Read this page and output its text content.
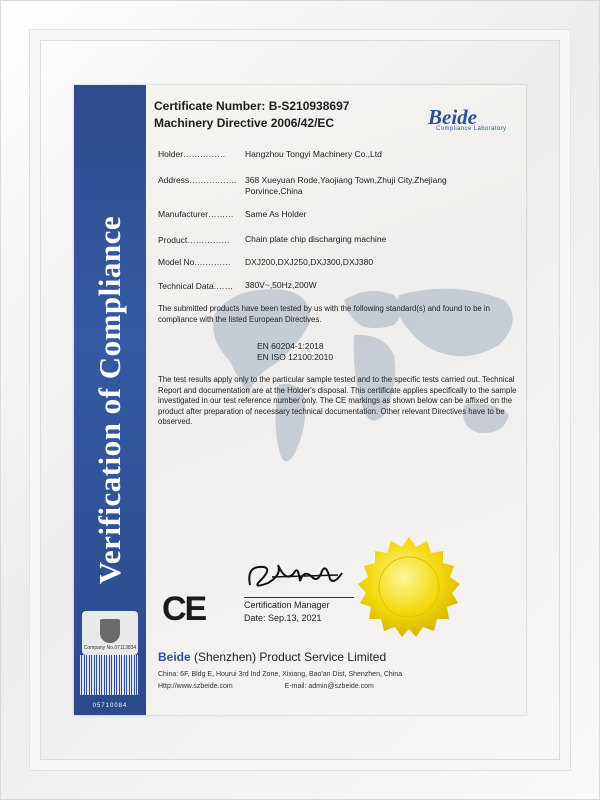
Verification of Compliance
Company No.07113834
05710084
Certificate Number: B-S210938697
Machinery Directive 2006/42/EC	Beide
Compliance Laboratory
Holder…………… Hangzhou Tongyi Machinery Co.,Ltd
Address…………….. 368 Xueyuan Rode,Yaojiang Town,Zhuji City,Zhejiang Porvince,China
Manufacturer……… Same As Holder
Product…………… Chain plate chip discharging machine
Model No.………… DXJ200,DXJ250,DXJ300,DXJ380
Technical Data.…… 380V~,50Hz,200W
The submitted products have been tested by us with the following standard(s) and found to be in compliance with the listed European Directives.
EN 60204-1:2018
EN ISO 12100:2010
The test results apply only to the particular sample tested and to the specific tests carried out. Technical Report and documentation are at the Holder's disposal. This certificate applies specifically to the sample investigated in our test reference number only. The CE markings as shown below can be affixed on the product after preparation of necessary technical documentation. Other relevant Directives have to be observed.
CE	Certification Manager
Date: Sep.13, 2021
Beide (Shenzhen) Product Service Limited
China: 6F, Bldg E, Hourui 3rd Ind Zone, Xixiang, Bao'an Dist, Shenzhen, China
Http://www.szbeide.com	E-mail: admin@szbeide.com
